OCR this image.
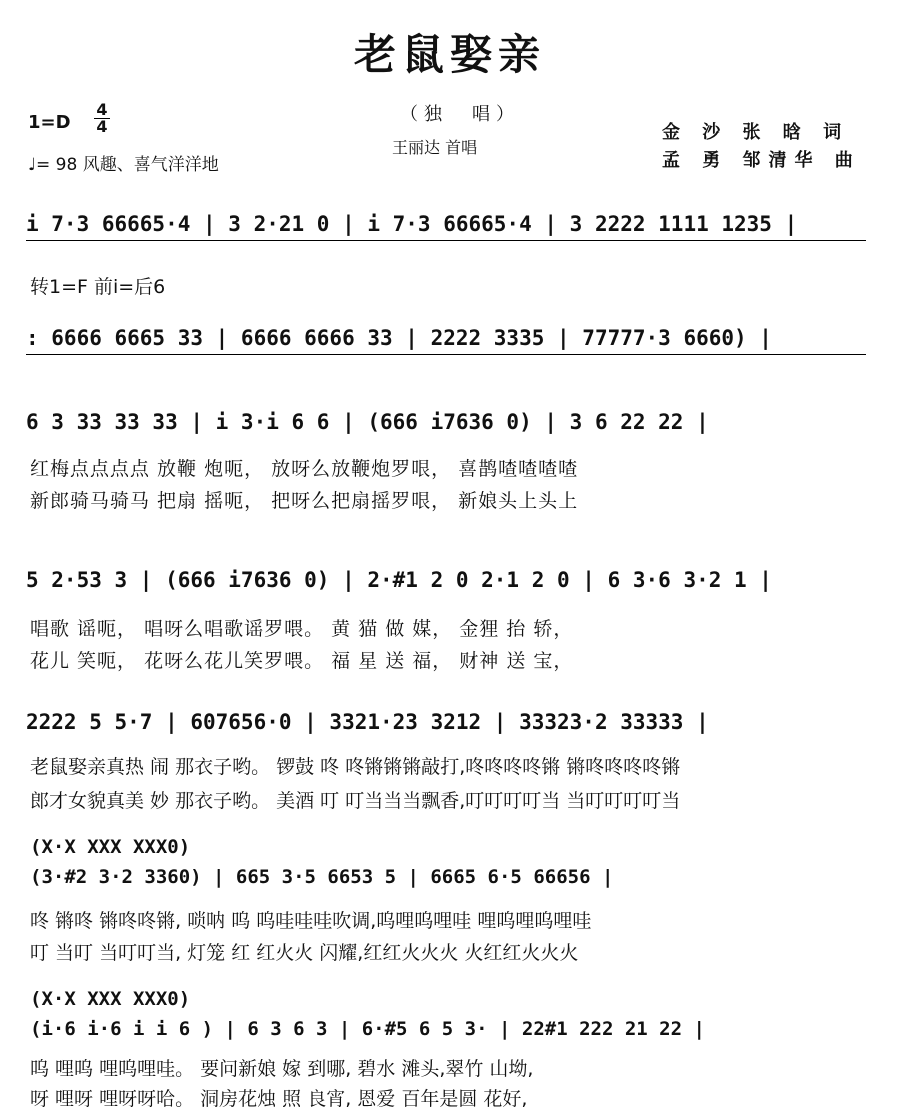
老鼠娶亲
1=D
4
4
♩= 98 风趣、喜气洋洋地
（独　唱）
王丽达 首唱
金 沙 张 晗 词
孟 勇 邹清华 曲
i 7·3 66665·4 | 3 2·21 0 | i 7·3 66665·4 | 3 2222 1111 1235 |
转1=F 前i=后6
: 6666 6665 33 | 6666 6666 33 | 2222 3335 | 77777·3 6660) |
6 3 33 33 33 | i 3·i 6 6 | (666 i7636 0) | 3 6 22 22 |
红梅点点点点 放鞭 炮呃， 放呀么放鞭炮罗哏， 喜鹊喳喳喳喳
新郎骑马骑马 把扇 摇呃， 把呀么把扇摇罗哏， 新娘头上头上
5 2·53 3 | (666 i7636 0) | 2·#1 2 0 2·1 2 0 | 6 3·6 3·2 1 |
唱歌 谣呃， 唱呀么唱歌谣罗喂。 黄 猫 做 媒， 金狸 抬 轿，
花儿 笑呃， 花呀么花儿笑罗喂。 福 星 送 福， 财神 送 宝，
2222 5 5·7 | 607656·0 | 3321·23 3212 | 33323·2 33333 |
老鼠娶亲真热 闹 那衣子哟。 锣鼓 咚 咚锵锵锵敲打,咚咚咚咚锵 锵咚咚咚咚锵
郎才女貌真美 妙 那衣子哟。 美酒 叮 叮当当当飘香,叮叮叮叮当 当叮叮叮叮当
(X·X XXX XXX0)
(3·#2 3·2 3360) | 665 3·5 6653 5 | 6665 6·5 66656 |
咚 锵咚 锵咚咚锵, 唢呐 呜 呜哇哇哇吹调,呜哩呜哩哇 哩呜哩呜哩哇
叮 当叮 当叮叮当, 灯笼 红 红火火 闪耀,红红火火火 火红红火火火
(X·X XXX XXX0)
(i·6 i·6 i i 6 ) | 6 3 6 3 | 6·#5 6 5 3· | 22#1 222 21 22 |
呜 哩呜 哩呜哩哇。 要问新娘 嫁 到哪, 碧水 滩头,翠竹 山坳,
呀 哩呀 哩呀呀哈。 洞房花烛 照 良宵, 恩爱 百年是圆 花好,
